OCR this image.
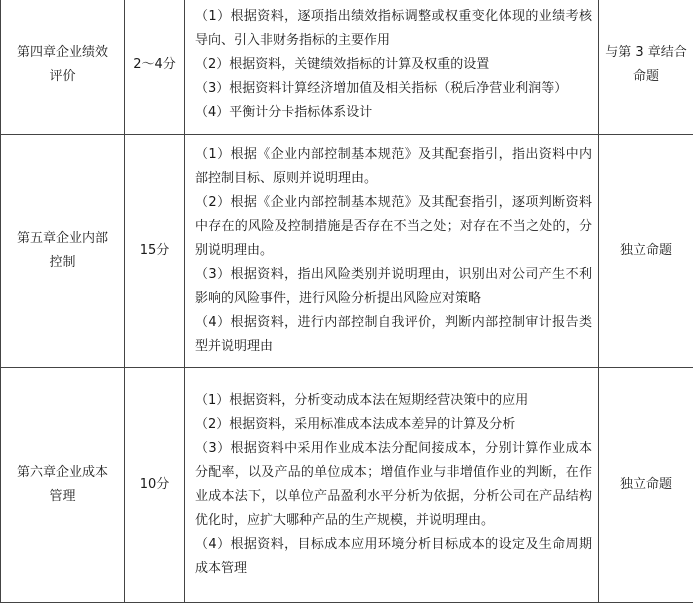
第四章企业绩效评价	2～4分	（1）根据资料，逐项指出绩效指标调整或权重变化体现的业绩考核导向、引入非财务指标的主要作用
（2）根据资料，关键绩效指标的计算及权重的设置
（3）根据资料计算经济增加值及相关指标（税后净营业利润等）
（4）平衡计分卡指标体系设计	与第 3 章结合命题
第五章企业内部控制	15分	（1）根据《企业内部控制基本规范》及其配套指引，指出资料中内部控制目标、原则并说明理由。
（2）根据《企业内部控制基本规范》及其配套指引，逐项判断资料中存在的风险及控制措施是否存在不当之处；对存在不当之处的，分别说明理由。
（3）根据资料，指出风险类别并说明理由，识别出对公司产生不利影响的风险事件，进行风险分析提出风险应对策略
（4）根据资料，进行内部控制自我评价，判断内部控制审计报告类型并说明理由	独立命题
第六章企业成本管理	10分	（1）根据资料，分析变动成本法在短期经营决策中的应用
（2）根据资料，采用标准成本法成本差异的计算及分析
（3）根据资料中采用作业成本法分配间接成本，分别计算作业成本分配率，以及产品的单位成本；增值作业与非增值作业的判断，在作业成本法下，以单位产品盈利水平分析为依据，分析公司在产品结构优化时，应扩大哪种产品的生产规模，并说明理由。
（4）根据资料，目标成本应用环境分析目标成本的设定及生命周期成本管理	独立命题
